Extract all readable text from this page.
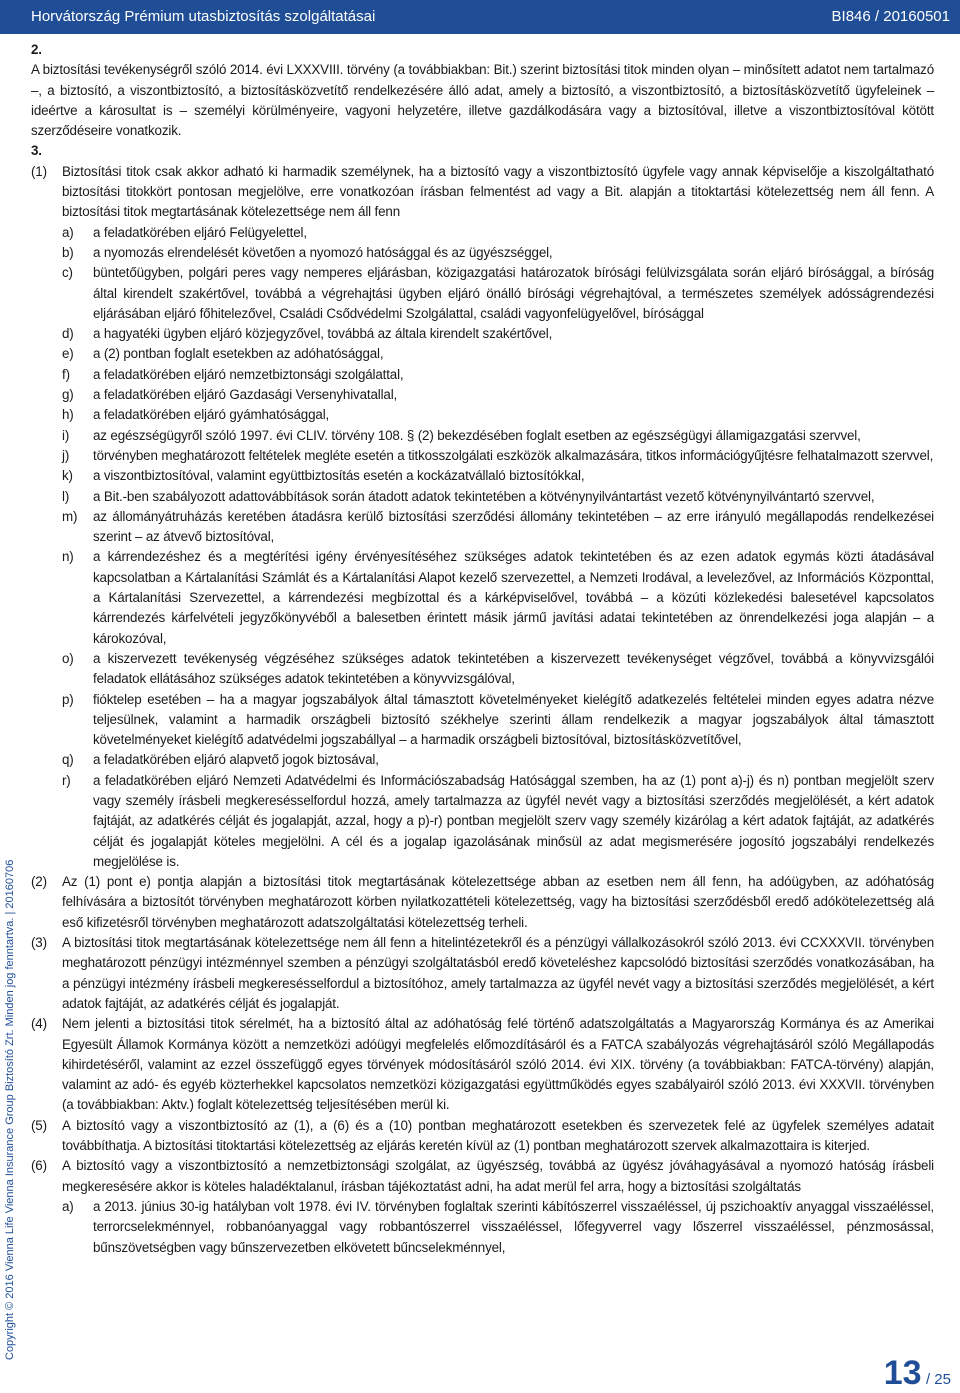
Horvátország Prémium utasbiztosítás szolgáltatásai	BI846 / 20160501
Copyright © 2016 Vienna Life Vienna Insurance Group Biztosító Zrt. Minden jog fenntartva. | 20160706

2.

A biztosítási tevékenységről szóló 2014. évi LXXXVIII. törvény (a továbbiakban: Bit.) szerint biztosítási titok minden olyan – minősített adatot nem tartalmazó –, a biztosító, a viszontbiztosító, a biztosításközvetítő rendelkezésére álló adat, amely a biztosító, a viszontbiztosító, a biztosításközvetítő ügyfeleinek – ideértve a károsultat is – személyi körülményeire, vagyoni helyzetére, illetve gazdálkodására vagy a biztosítóval, illetve a viszontbiztosítóval kötött szerződéseire vonatkozik.

3.

(1) Biztosítási titok csak akkor adható ki harmadik személynek, ha a biztosító vagy a viszontbiztosító ügyfele vagy annak képviselője a kiszolgáltatható biztosítási titokkört pontosan megjelölve, erre vonatkozóan írásban felmentést ad vagy a Bit. alapján a titoktartási kötelezettség nem áll fenn. A biztosítási titok megtartásának kötelezettsége nem áll fenn

a) a feladatkörében eljáró Felügyelettel,

b) a nyomozás elrendelését követően a nyomozó hatósággal és az ügyészséggel,

c) büntetőügyben, polgári peres vagy nemperes eljárásban, közigazgatási határozatok bírósági felülvizsgálata során eljáró bírósággal, a bíróság által kirendelt szakértővel, továbbá a végrehajtási ügyben eljáró önálló bírósági végrehajtóval, a természetes személyek adósságrendezési eljárásában eljáró főhitelezővel, Családi Csődvédelmi Szolgálattal, családi vagyonfelügyelővel, bírósággal

d) a hagyatéki ügyben eljáró közjegyzővel, továbbá az általa kirendelt szakértővel,

e) a (2) pontban foglalt esetekben az adóhatósággal,

f) a feladatkörében eljáró nemzetbiztonsági szolgálattal,

g) a feladatkörében eljáró Gazdasági Versenyhivatallal,

h) a feladatkörében eljáró gyámhatósággal,

i) az egészségügyről szóló 1997. évi CLIV. törvény 108. § (2) bekezdésében foglalt esetben az egészségügyi államigazgatási szervvel,

j) törvényben meghatározott feltételek megléte esetén a titkosszolgálati eszközök alkalmazására, titkos információgyűjtésre felhatalmazott szervvel,

k) a viszontbiztosítóval, valamint együttbiztosítás esetén a kockázatvállaló biztosítókkal,

l) a Bit.-ben szabályozott adattovábbítások során átadott adatok tekintetében a kötvénynyilvántartást vezető kötvénynyilvántartó szervvel,

m) az állományátruházás keretében átadásra kerülő biztosítási szerződési állomány tekintetében – az erre irányuló megállapodás rendelkezései szerint – az átvevő biztosítóval,

n) a kárrendezéshez és a megtérítési igény érvényesítéséhez szükséges adatok tekintetében és az ezen adatok egymás közti átadásával kapcsolatban a Kártalanítási Számlát és a Kártalanítási Alapot kezelő szervezettel, a Nemzeti Irodával, a levelezővel, az Információs Központtal, a Kártalanítási Szervezettel, a kárrendezési megbízottal és a kárképviselővel, továbbá – a közúti közlekedési balesetével kapcsolatos kárrendezés kárfelvételi jegyzőkönyvéből a balesetben érintett másik jármű javítási adatai tekintetében az önrendelkezési joga alapján – a károkozóval,

o) a kiszervezett tevékenység végzéséhez szükséges adatok tekintetében a kiszervezett tevékenységet végzővel, továbbá a könyvvizsgálói feladatok ellátásához szükséges adatok tekintetében a könyvvizsgálóval,

p) fióktelep esetében – ha a magyar jogszabályok által támasztott követelményeket kielégítő adatkezelés feltételei minden egyes adatra nézve teljesülnek, valamint a harmadik országbeli biztosító székhelye szerinti állam rendelkezik a magyar jogszabályok által támasztott követelményeket kielégítő adatvédelmi jogszabállyal – a harmadik országbeli biztosítóval, biztosításközvetítővel,

q) a feladatkörében eljáró alapvető jogok biztosával,

r) a feladatkörében eljáró Nemzeti Adatvédelmi és Információszabadság Hatósággal szemben, ha az (1) pont a)-j) és n) pontban megjelölt szerv vagy személy írásbeli megkeresésselfordul hozzá, amely tartalmazza az ügyfél nevét vagy a biztosítási szerződés megjelölését, a kért adatok fajtáját, az adatkérés célját és jogalapját, azzal, hogy a p)-r) pontban megjelölt szerv vagy személy kizárólag a kért adatok fajtáját, az adatkérés célját és jogalapját köteles megjelölni. A cél és a jogalap igazolásának minősül az adat megismerésére jogosító jogszabályi rendelkezés megjelölése is.

(2) Az (1) pont e) pontja alapján a biztosítási titok megtartásának kötelezettsége abban az esetben nem áll fenn, ha adóügyben, az adóhatóság felhívására a biztosítót törvényben meghatározott körben nyilatkozattételi kötelezettség, vagy ha biztosítási szerződésből eredő adókötelezettség alá eső kifizetésről törvényben meghatározott adatszolgáltatási kötelezettség terheli.

(3) A biztosítási titok megtartásának kötelezettsége nem áll fenn a hitelintézetekről és a pénzügyi vállalkozásokról szóló 2013. évi CCXXXVII. törvényben meghatározott pénzügyi intézménnyel szemben a pénzügyi szolgáltatásból eredő követeléshez kapcsolódó biztosítási szerződés vonatkozásában, ha a pénzügyi intézmény írásbeli megkeresésselfordul a biztosítóhoz, amely tartalmazza az ügyfél nevét vagy a biztosítási szerződés megjelölését, a kért adatok fajtáját, az adatkérés célját és jogalapját.

(4) Nem jelenti a biztosítási titok sérelmét, ha a biztosító által az adóhatóság felé történő adatszolgáltatás a Magyarország Kormánya és az Amerikai Egyesült Államok Kormánya között a nemzetközi adóügyi megfelelés előmozdításáról és a FATCA szabályozás végrehajtásáról szóló Megállapodás kihirdetéséről, valamint az ezzel összefüggő egyes törvények módosításáról szóló 2014. évi XIX. törvény (a továbbiakban: FATCA-törvény) alapján, valamint az adó- és egyéb közterhekkel kapcsolatos nemzetközi közigazgatási együttműködés egyes szabályairól szóló 2013. évi XXXVII. törvényben (a továbbiakban: Aktv.) foglalt kötelezettség teljesítésében merül ki.

(5) A biztosító vagy a viszontbiztosító az (1), a (6) és a (10) pontban meghatározott esetekben és szervezetek felé az ügyfelek személyes adatait továbbíthatja. A biztosítási titoktartási kötelezettség az eljárás keretén kívül az (1) pontban meghatározott szervek alkalmazottaira is kiterjed.

(6) A biztosító vagy a viszontbiztosító a nemzetbiztonsági szolgálat, az ügyészség, továbbá az ügyész jóváhagyásával a nyomozó hatóság írásbeli megkeresésére akkor is köteles haladéktalanul, írásban tájékoztatást adni, ha adat merül fel arra, hogy a biztosítási szolgáltatás

a) a 2013. június 30-ig hatályban volt 1978. évi IV. törvényben foglaltak szerinti kábítószerrel visszaéléssel, új pszichoaktív anyaggal visszaéléssel, terrorcselekménnyel, robbanóanyaggal vagy robbantószerrel visszaéléssel, lőfegyverrel vagy lőszerrel visszaéléssel, pénzmosással, bűnszövetségben vagy bűnszervezetben elkövetett bűncselekménnyel,

13 / 25
